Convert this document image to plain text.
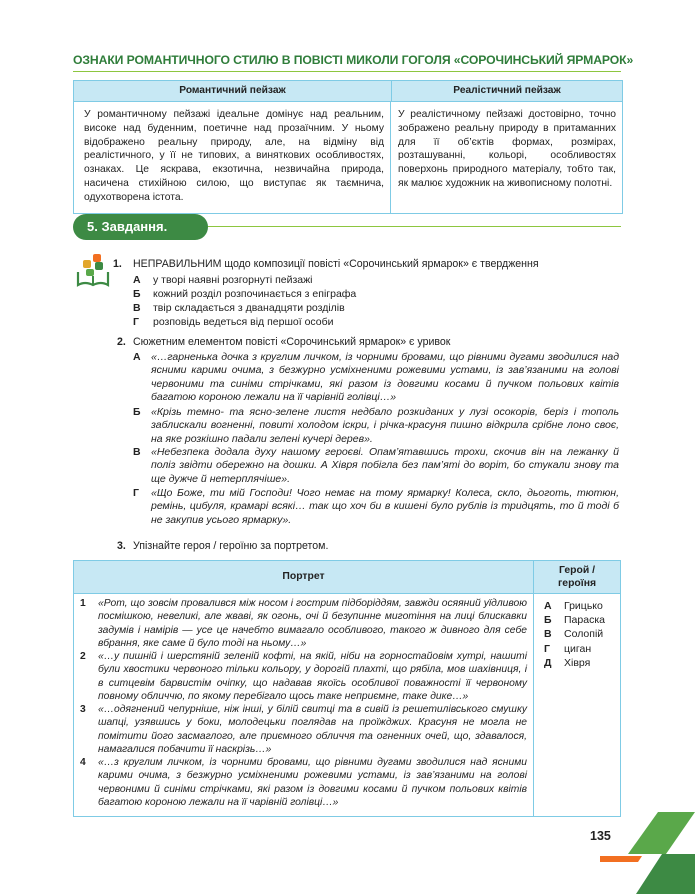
ОЗНАКИ РОМАНТИЧНОГО СТИЛЮ В ПОВІСТІ МИКОЛИ ГОГОЛЯ «СОРОЧИНСЬКИЙ ЯРМАРОК»
Романтичний пейзаж	Реалістичний пейзаж
У романтичному пейзажі ідеальне домінує над реальним, високе над буденним, поетичне над прозаїчним. У ньому відображено реальну природу, але, на відміну від реалістичного, у її не типових, а виняткових особливостях, ознаках. Це яскрава, екзотична, незвичайна природа, насичена стихійною силою, що виступає як таємнича, одухотворена істота.
У реалістичному пейзажі достовірно, точно зображено реальну природу в притаманних для її об’єктів формах, розмірах, розташуванні, кольорі, особливостях поверхонь природного матеріалу, тобто так, як малює художник на живописному полотні.
5. Завдання.
1. НЕПРАВИЛЬНИМ щодо композиції повісті «Сорочинський ярмарок» є твердження
А у творі наявні розгорнуті пейзажі
Б кожний розділ розпочинається з епіграфа
В твір складається з дванадцяти розділів
Г розповідь ведеться від першої особи
2. Сюжетним елементом повісті «Сорочинський ярмарок» є уривок
А «…гарненька дочка з круглим личком, із чорними бровами, що рівними дугами зводилися над ясними карими очима, з безжурно усміхненими рожевими устами, із зав’язаними на голові червоними та синіми стрічками, які разом із довгими косами й пучком польових квітів багатою короною лежали на її чарівній голівці…»
Б «Крізь темно- та ясно-зелене листя недбало розкиданих у лузі осокорів, беріз і тополь заблискали вогненні, повиті холодом іскри, і річка-красуня пишно відкрила срібне лоно своє, на яке розкішно падали зелені кучері дерев».
В «Небезпека додала духу нашому героєві. Опам’ятавшись трохи, скочив він на лежанку й поліз звідти обережно на дошки. А Хівря побігла без пам’яті до воріт, бо стукали знову та ще дужче й нетерплячіше».
Г «Що Боже, ти мій Господи! Чого немає на тому ярмарку! Колеса, скло, дьоготь, тютюн, ремінь, цибуля, крамарі всякі… так що хоч би в кишені було рублів із тридцять, то й тоді б не закупив усього ярмарку».
3. Упізнайте героя / героїню за портретом.
Портрет
Герой /
героїня
1 «Рот, що зовсім провалився між носом і гострим підборіддям, завжди осяяний уїдливою посмішкою, невеликі, але жваві, як огонь, очі й безупинне миготіння на лиці блискавки задумів і намірів — усе це начебто вимагало особливого, такого ж дивного для себе вбрання, яке саме й було тоді на ньому…»
2 «…у пишній і шерстяній зеленій кофті, на якій, ніби на горностайовім хутрі, нашиті були хвостики червоного тільки кольору, у дорогій плахті, що рябіла, мов шахівниця, і в ситцевім барвистім очіпку, що надавав якоїсь особливої поважності її червоному повному обличчю, по якому перебігало щось таке неприємне, таке дике…»
3 «…одягнений чепурніше, ніж інші, у білій свитці та в сивій із решетилівського смушку шапці, узявшись у боки, молодецьки поглядав на проїжджих. Красуня не могла не помітити його засмаглого, але приємного обличчя та огненних очей, що, здавалося, намагалися побачити її наскрізь…»
4 «…з круглим личком, із чорними бровами, що рівними дугами зводилися над ясними карими очима, з безжурно усміхненими рожевими устами, із зав’язаними на голові червоними й синіми стрічками, які разом із довгими косами й пучком польових квітів багатою короною лежали на її чарівній голівці…»
А Грицько
Б Параска
В Солопій
Г циган
Д Хівря
135
